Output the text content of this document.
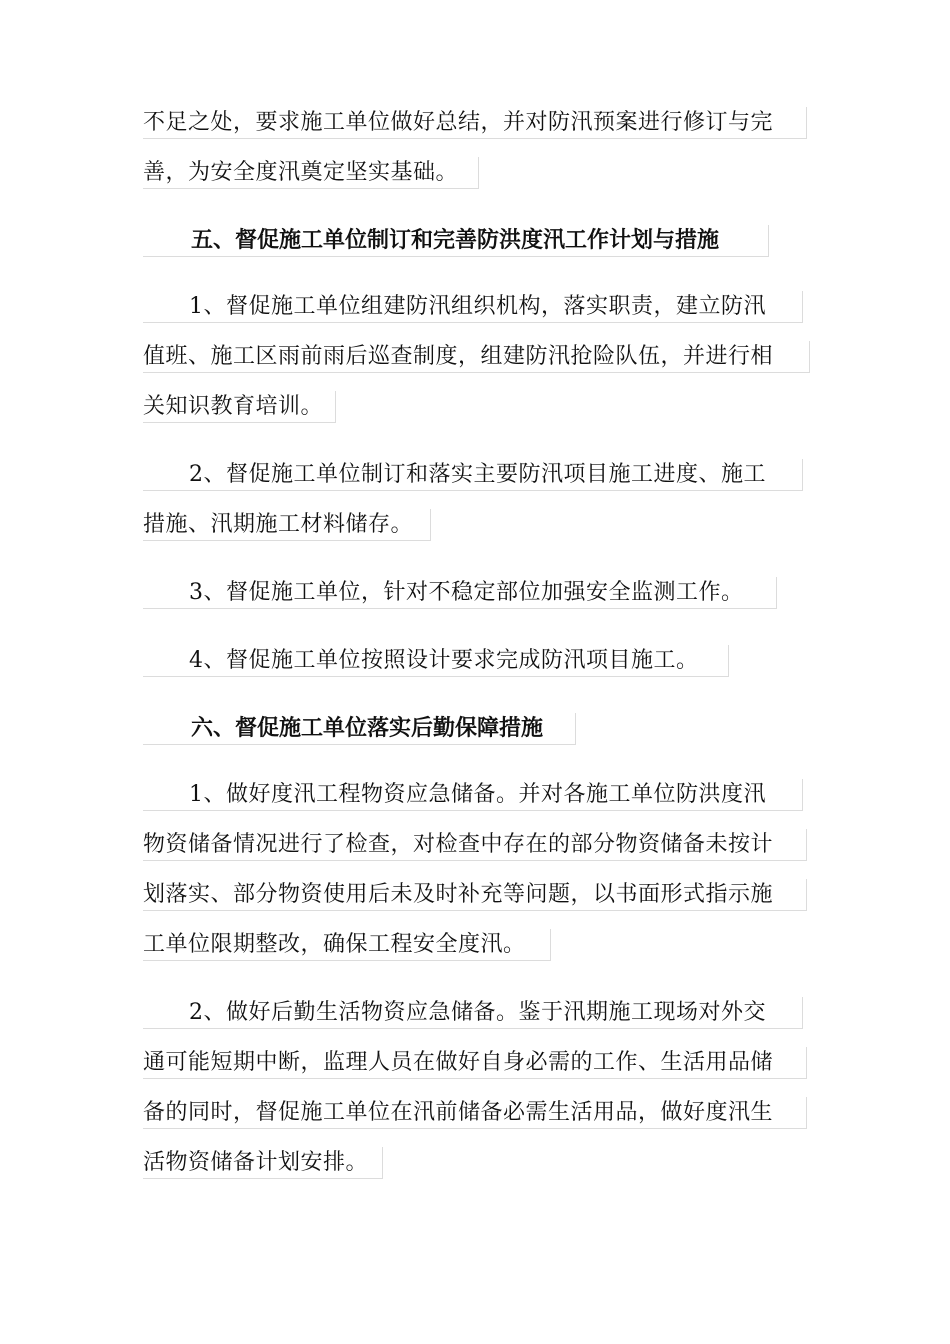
不足之处，要求施工单位做好总结，并对防汛预案进行修订与完
善，为安全度汛奠定坚实基础。
五、督促施工单位制订和完善防洪度汛工作计划与措施
1、督促施工单位组建防汛组织机构，落实职责，建立防汛
值班、施工区雨前雨后巡查制度，组建防汛抢险队伍，并进行相
关知识教育培训。
2、督促施工单位制订和落实主要防汛项目施工进度、施工
措施、汛期施工材料储存。
3、督促施工单位，针对不稳定部位加强安全监测工作。
4、督促施工单位按照设计要求完成防汛项目施工。
六、督促施工单位落实后勤保障措施
1、做好度汛工程物资应急储备。并对各施工单位防洪度汛
物资储备情况进行了检查，对检查中存在的部分物资储备未按计
划落实、部分物资使用后未及时补充等问题，以书面形式指示施
工单位限期整改，确保工程安全度汛。
2、做好后勤生活物资应急储备。鉴于汛期施工现场对外交
通可能短期中断，监理人员在做好自身必需的工作、生活用品储
备的同时，督促施工单位在汛前储备必需生活用品，做好度汛生
活物资储备计划安排。
